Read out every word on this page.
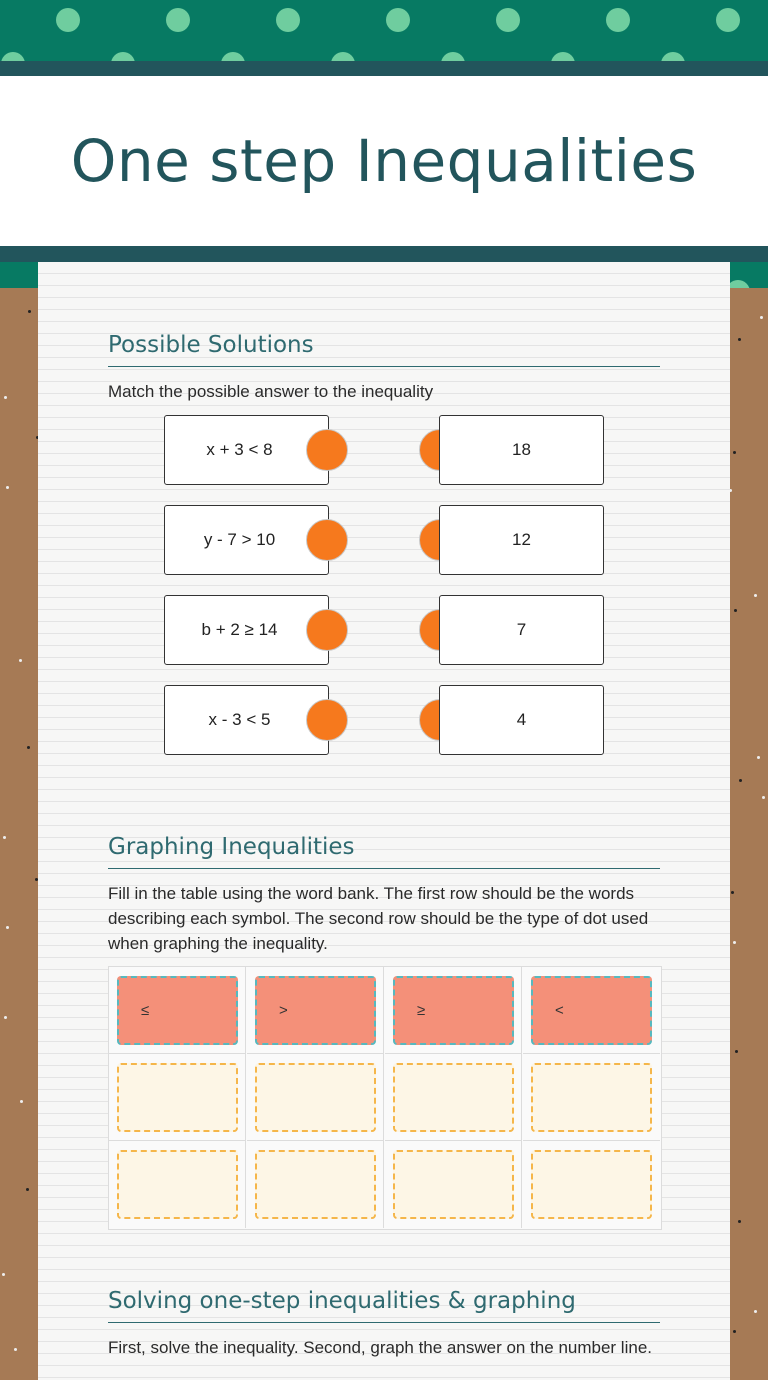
One step Inequalities
Possible Solutions
Match the possible answer to the inequality
x + 3 < 8	18
y - 7 > 10	12
b + 2 ≥ 14	7
x - 3 < 5	4
Graphing Inequalities
Fill in the table using the word bank. The first row should be the words describing each symbol. The second row should be the type of dot used when graphing the inequality.
≤	>	≥	<
Solving one-step inequalities & graphing
First, solve the inequality. Second, graph the answer on the number line.
